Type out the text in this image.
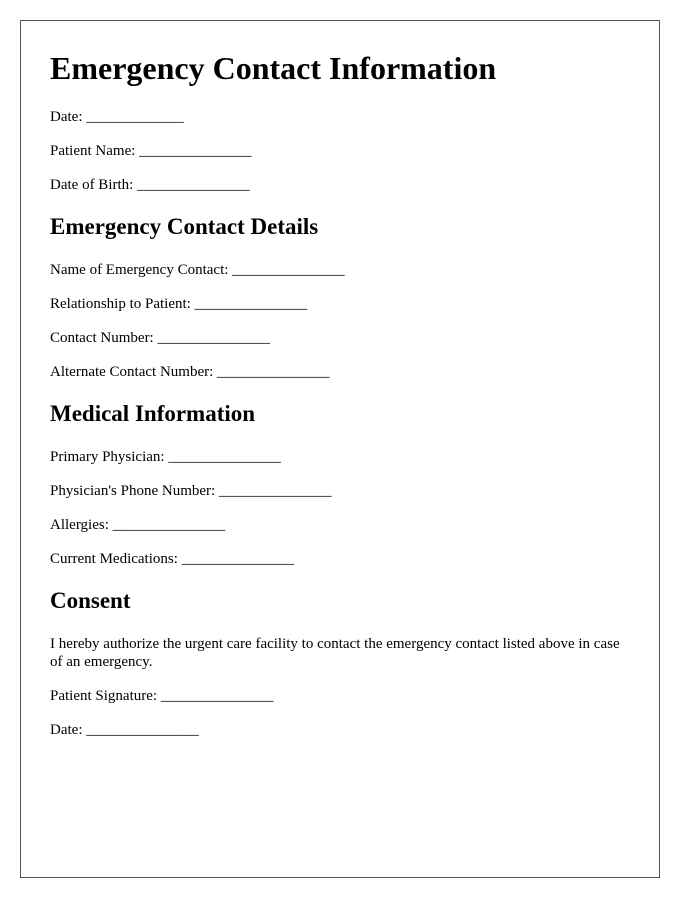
Emergency Contact Information
Date: _____________
Patient Name: _______________
Date of Birth: _______________
Emergency Contact Details
Name of Emergency Contact: _______________
Relationship to Patient: _______________
Contact Number: _______________
Alternate Contact Number: _______________
Medical Information
Primary Physician: _______________
Physician's Phone Number: _______________
Allergies: _______________
Current Medications: _______________
Consent

I hereby authorize the urgent care facility to contact the emergency contact listed above in case of an emergency.

Patient Signature: _______________
Date: _______________
